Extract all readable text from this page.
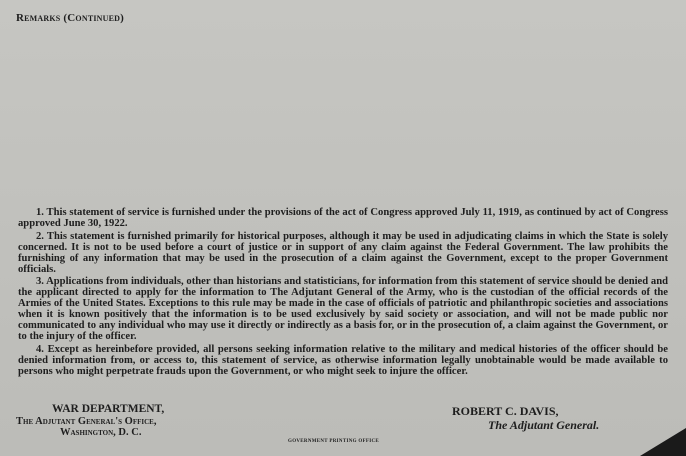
Remarks (Continued)

1. This statement of service is furnished under the provisions of the act of Congress approved July 11, 1919, as continued by act of Congress approved June 30, 1922.

2. This statement is furnished primarily for historical purposes, although it may be used in adjudicating claims in which the State is solely concerned. It is not to be used before a court of justice or in support of any claim against the Federal Government. The law prohibits the furnishing of any information that may be used in the prosecution of a claim against the Government, except to the proper Government officials.

3. Applications from individuals, other than historians and statisticians, for information from this statement of service should be denied and the applicant directed to apply for the information to The Adjutant General of the Army, who is the custodian of the official records of the Armies of the United States. Exceptions to this rule may be made in the case of officials of patriotic and philanthropic societies and associations when it is known positively that the information is to be used exclusively by said society or association, and will not be made public nor communicated to any individual who may use it directly or indirectly as a basis for, or in the prosecution of, a claim against the Government, or to the injury of the officer.

4. Except as hereinbefore provided, all persons seeking information relative to the military and medical histories of the officer should be denied information from, or access to, this statement of service, as otherwise information legally unobtainable would be made available to persons who might perpetrate frauds upon the Government, or who might seek to injure the officer.

WAR DEPARTMENT,
The Adjutant General's Office,
Washington, D. C.
ROBERT C. DAVIS,
The Adjutant General.
GOVERNMENT PRINTING OFFICE
